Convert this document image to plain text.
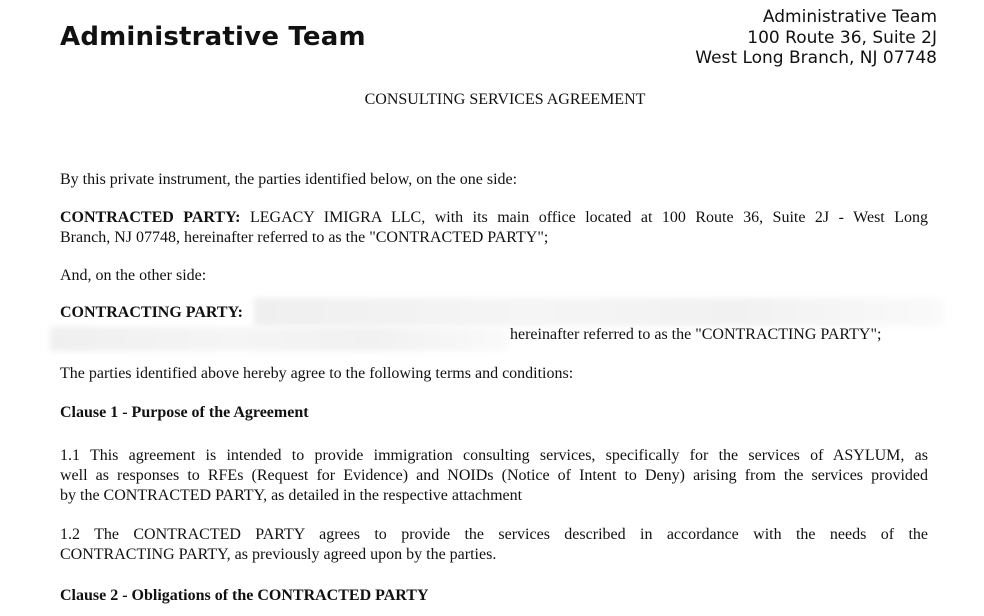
Administrative Team
Administrative Team
100 Route 36, Suite 2J
West Long Branch, NJ 07748
CONSULTING SERVICES AGREEMENT
By this private instrument, the parties identified below, on the one side:
CONTRACTED PARTY: LEGACY IMIGRA LLC, with its main office located at 100 Route 36, Suite 2J - West Long
Branch, NJ 07748, hereinafter referred to as the "CONTRACTED PARTY";
And, on the other side:
CONTRACTING PARTY:
hereinafter referred to as the "CONTRACTING PARTY";
The parties identified above hereby agree to the following terms and conditions:
Clause 1 - Purpose of the Agreement
1.1 This agreement is intended to provide immigration consulting services, specifically for the services of ASYLUM, as
well as responses to RFEs (Request for Evidence) and NOIDs (Notice of Intent to Deny) arising from the services provided
by the CONTRACTED PARTY, as detailed in the respective attachment
1.2 The CONTRACTED PARTY agrees to provide the services described in accordance with the needs of the
CONTRACTING PARTY, as previously agreed upon by the parties.
Clause 2 - Obligations of the CONTRACTED PARTY
